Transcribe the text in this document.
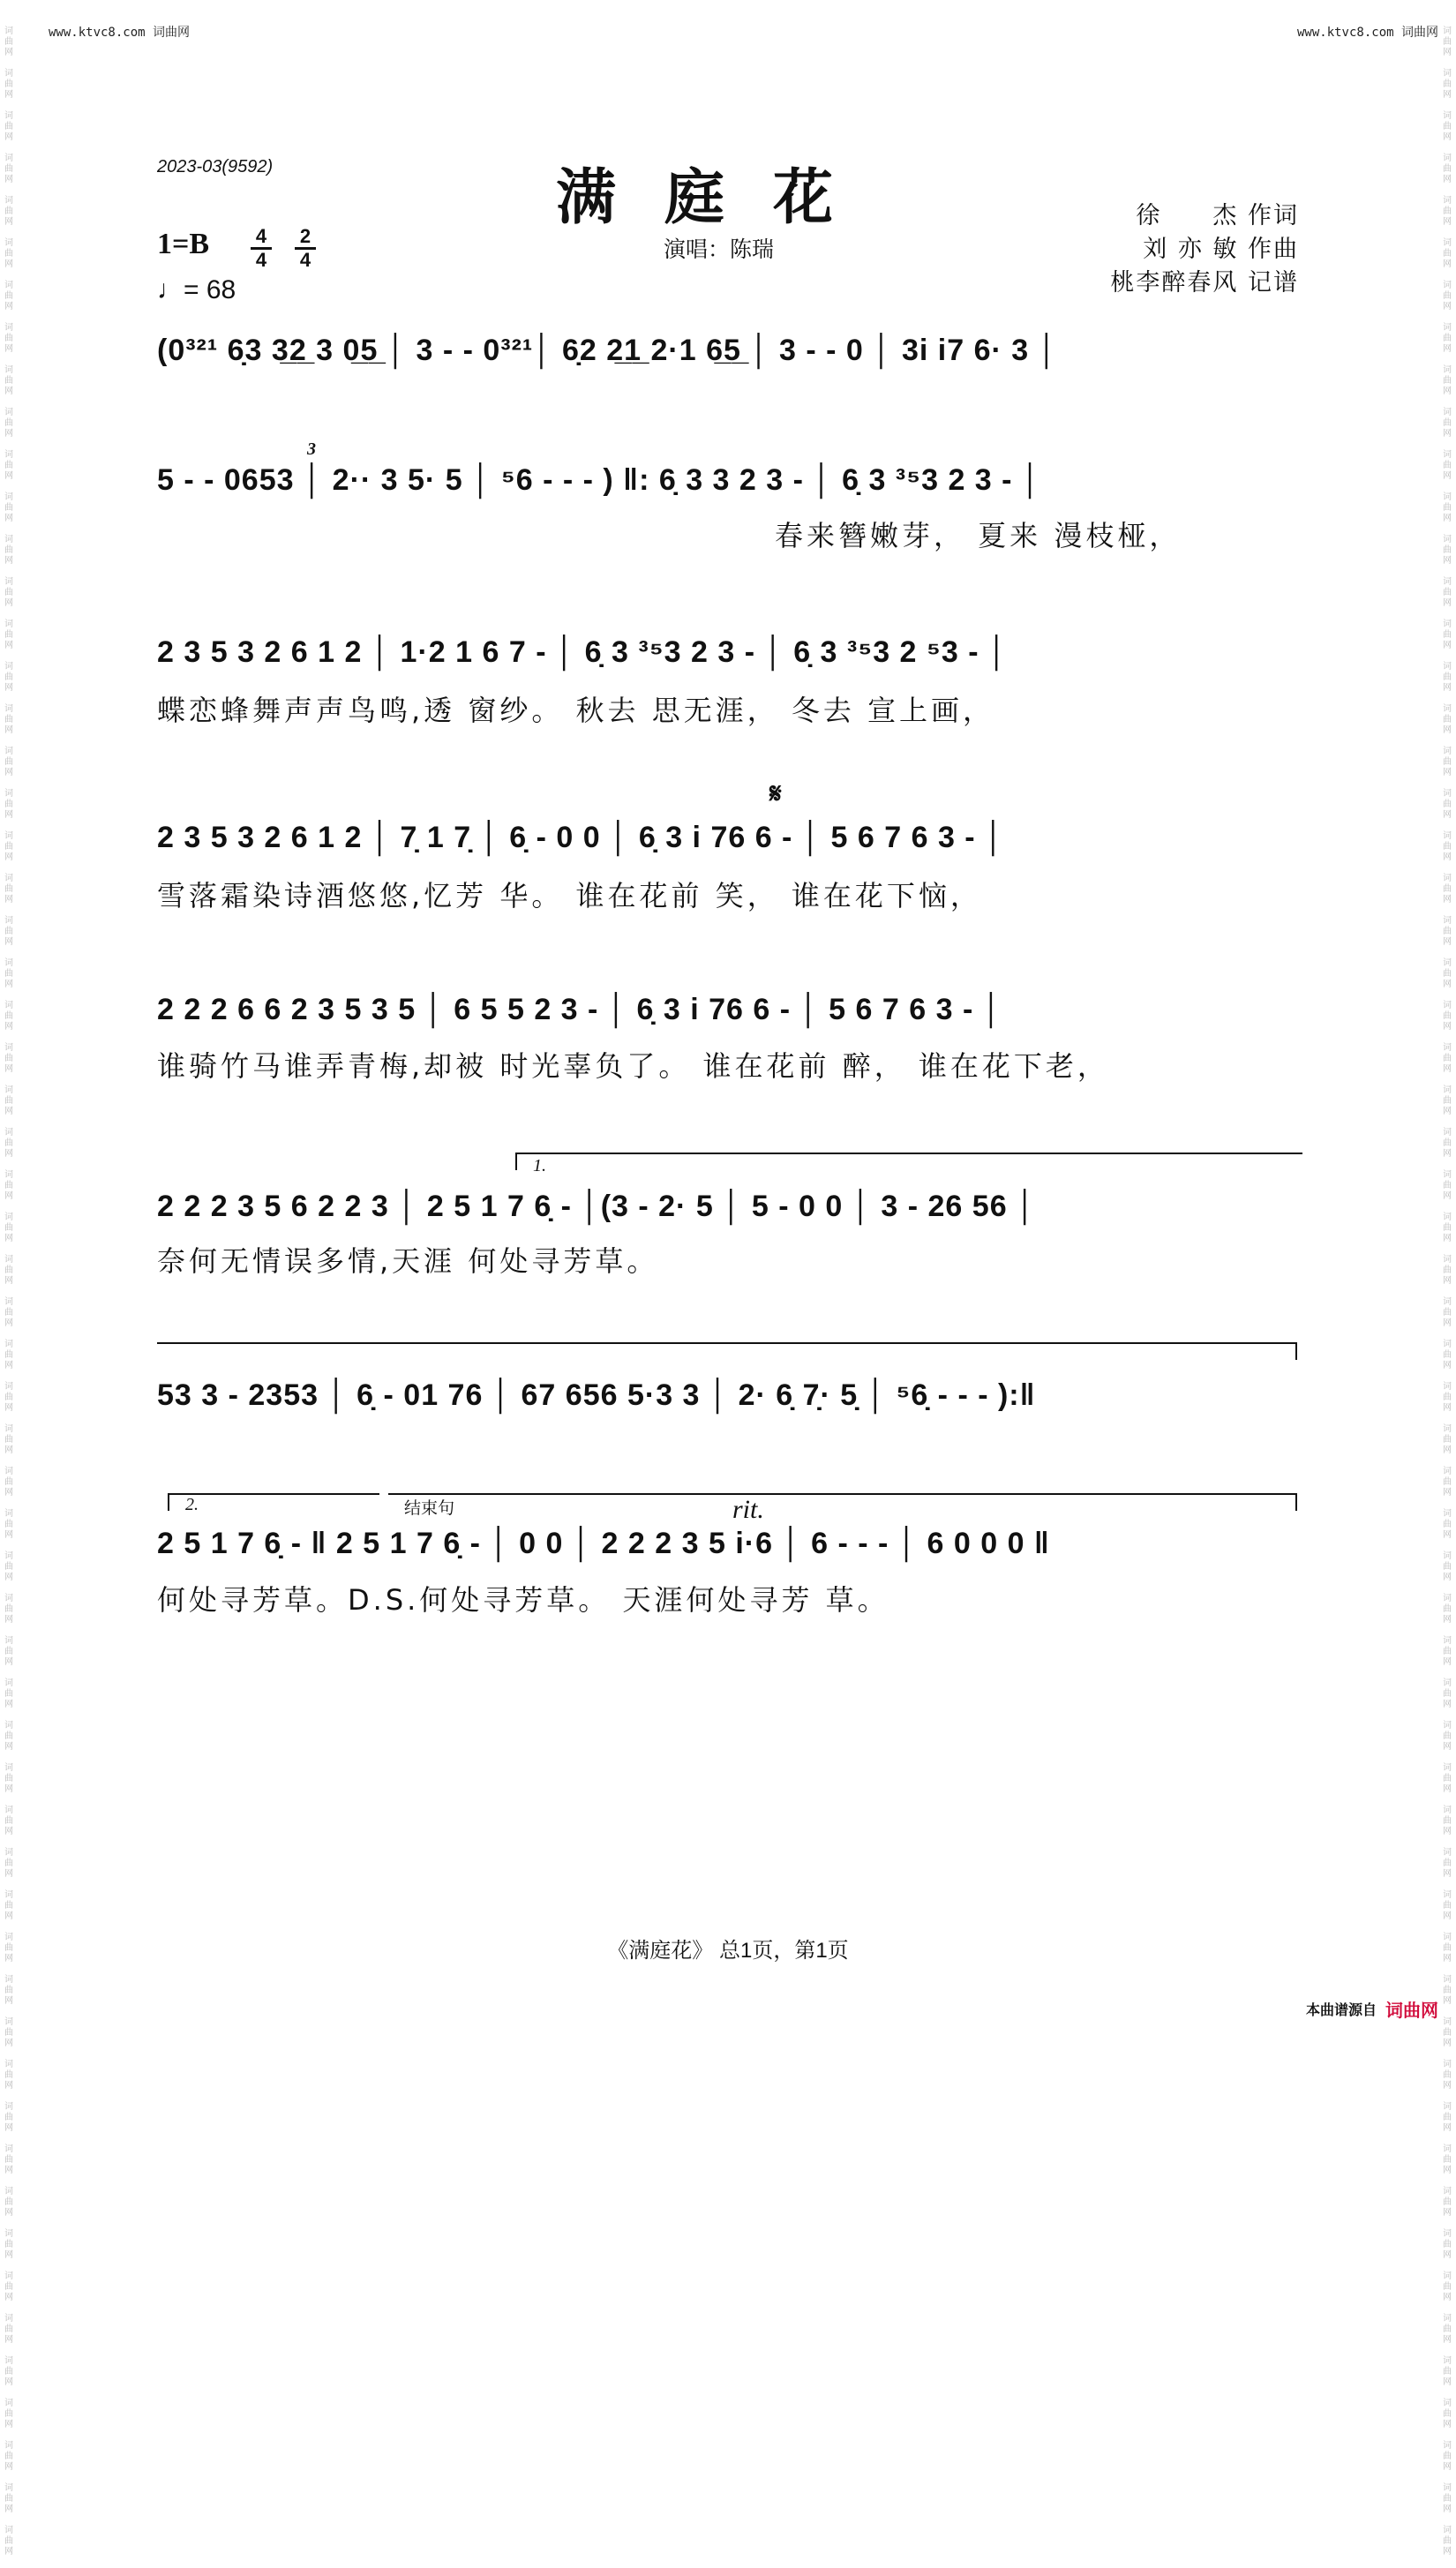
www.ktvc8.com 词曲网	www.ktvc8.com 词曲网
词
曲
网

词
曲
网

词
曲
网

词
曲
网

词
曲
网

词
曲
网

词
曲
网

词
曲
网

词
曲
网

词
曲
网

词
曲
网

词
曲
网

词
曲
网

词
曲
网

词
曲
网

词
曲
网

词
曲
网

词
曲
网

词
曲
网

词
曲
网

词
曲
网

词
曲
网

词
曲
网

词
曲
网

词
曲
网

词
曲
网

词
曲
网

词
曲
网

词
曲
网

词
曲
网

词
曲
网

词
曲
网

词
曲
网

词
曲
网

词
曲
网

词
曲
网

词
曲
网

词
曲
网

词
曲
网

词
曲
网

词
曲
网

词
曲
网

词
曲
网

词
曲
网

词
曲
网

词
曲
网

词
曲
网

词
曲
网

词
曲
网

词
曲
网

词
曲
网

词
曲
网

词
曲
网

词
曲
网

词
曲
网

词
曲
网

词
曲
网

词
曲
网

词
曲
网

词
曲
网

词
曲
网

词
曲
网

词
曲
网

词
曲
网

词
曲
网

词
曲
网

词
曲
网

词
曲
网

词
曲
网

词
曲
网

词
曲
网

词
曲
网

词
曲
网

词
曲
网

词
曲
网

词
曲
网

词
曲
网

词
曲
网

词
曲
网

词
曲
网

词
曲
网

词
曲
网

词
曲
网

词
曲
网

词
曲
网

词
曲
网

词
曲
网

词
曲
网

词
曲
网

词
曲
网

词
曲
网

词
曲
网

词
曲
网

词
曲
网

词
曲
网

词
曲
网

词
曲
网

词
曲
网

词
曲
网

词
曲
网

词
曲
网

词
曲
网

词
曲
网

词
曲
网

词
曲
网

词
曲
网

词
曲
网

词
曲
网

词
曲
网

词
曲
网

词
曲
网

词
曲
网

词
曲
网

词
曲
网

词
曲
网

词
曲
网

词
曲
网

词
曲
网

词
曲
网

词
曲
网

2023-03(9592)	满庭花
演唱：陈瑞
1=B 4
4
2
4
♩= 68
徐　　杰 作词
刘 亦 敏 作曲
桃李醉春风 记谱
(0³²¹ 6̣3 3̲2̲ 3 0̲5̲ │ 3 - - 0³²¹│ 6̣2 2̲1̲ 2·1 6̲5̲ │ 3 - - 0 │ 3i i7 6· 3 │
5 - - 0653 │ 2·· 3 5· 5 │ ⁵6 - - - ) ‖: 6̣ 3 3 2 3 - │ 6̣ 3 ³⁵3 2 3 - │
3
春来簪嫩芽， 夏来 漫枝桠，
2 3 5 3 2 6 1 2 │ 1·2 1 6 7 - │ 6̣ 3 ³⁵3 2 3 - │ 6̣ 3 ³⁵3 2 ⁵3 - │
蝶恋蜂舞声声鸟鸣,透 窗纱。 秋去 思无涯， 冬去 宣上画，
𝄋
2 3 5 3 2 6 1 2 │ 7̣ 1 7̣ │ 6̣ - 0 0 │ 6̣ 3 i 76 6 - │ 5 6 7 6 3 - │
雪落霜染诗酒悠悠,忆芳 华。 谁在花前 笑， 谁在花下恼，
2 2 2 6 6 2 3 5 3 5 │ 6 5 5 2 3 - │ 6̣ 3 i 76 6 - │ 5 6 7 6 3 - │
谁骑竹马谁弄青梅,却被 时光辜负了。 谁在花前 醉， 谁在花下老，
1.
2 2 2 3 5 6 2 2 3 │ 2 5 1 7 6̣ - │(3 - 2· 5 │ 5 - 0 0 │ 3 - 26 56 │
奈何无情误多情,天涯 何处寻芳草。
53 3 - 2353 │ 6̣ - 01 76 │ 67 656 5·3 3 │ 2· 6̣ 7̣· 5̣ │ ⁵6̣ - - - ):‖
2.	结束句	rit.
2 5 1 7 6̣ - ‖ 2 5 1 7 6̣ - │ 0 0 │ 2 2 2 3 5 i·6 │ 6 - - - │ 6 0 0 0 ‖
何处寻芳草。D.S.何处寻芳草。 天涯何处寻芳 草。
《满庭花》 总1页，第1页
本曲谱源自 词曲网
